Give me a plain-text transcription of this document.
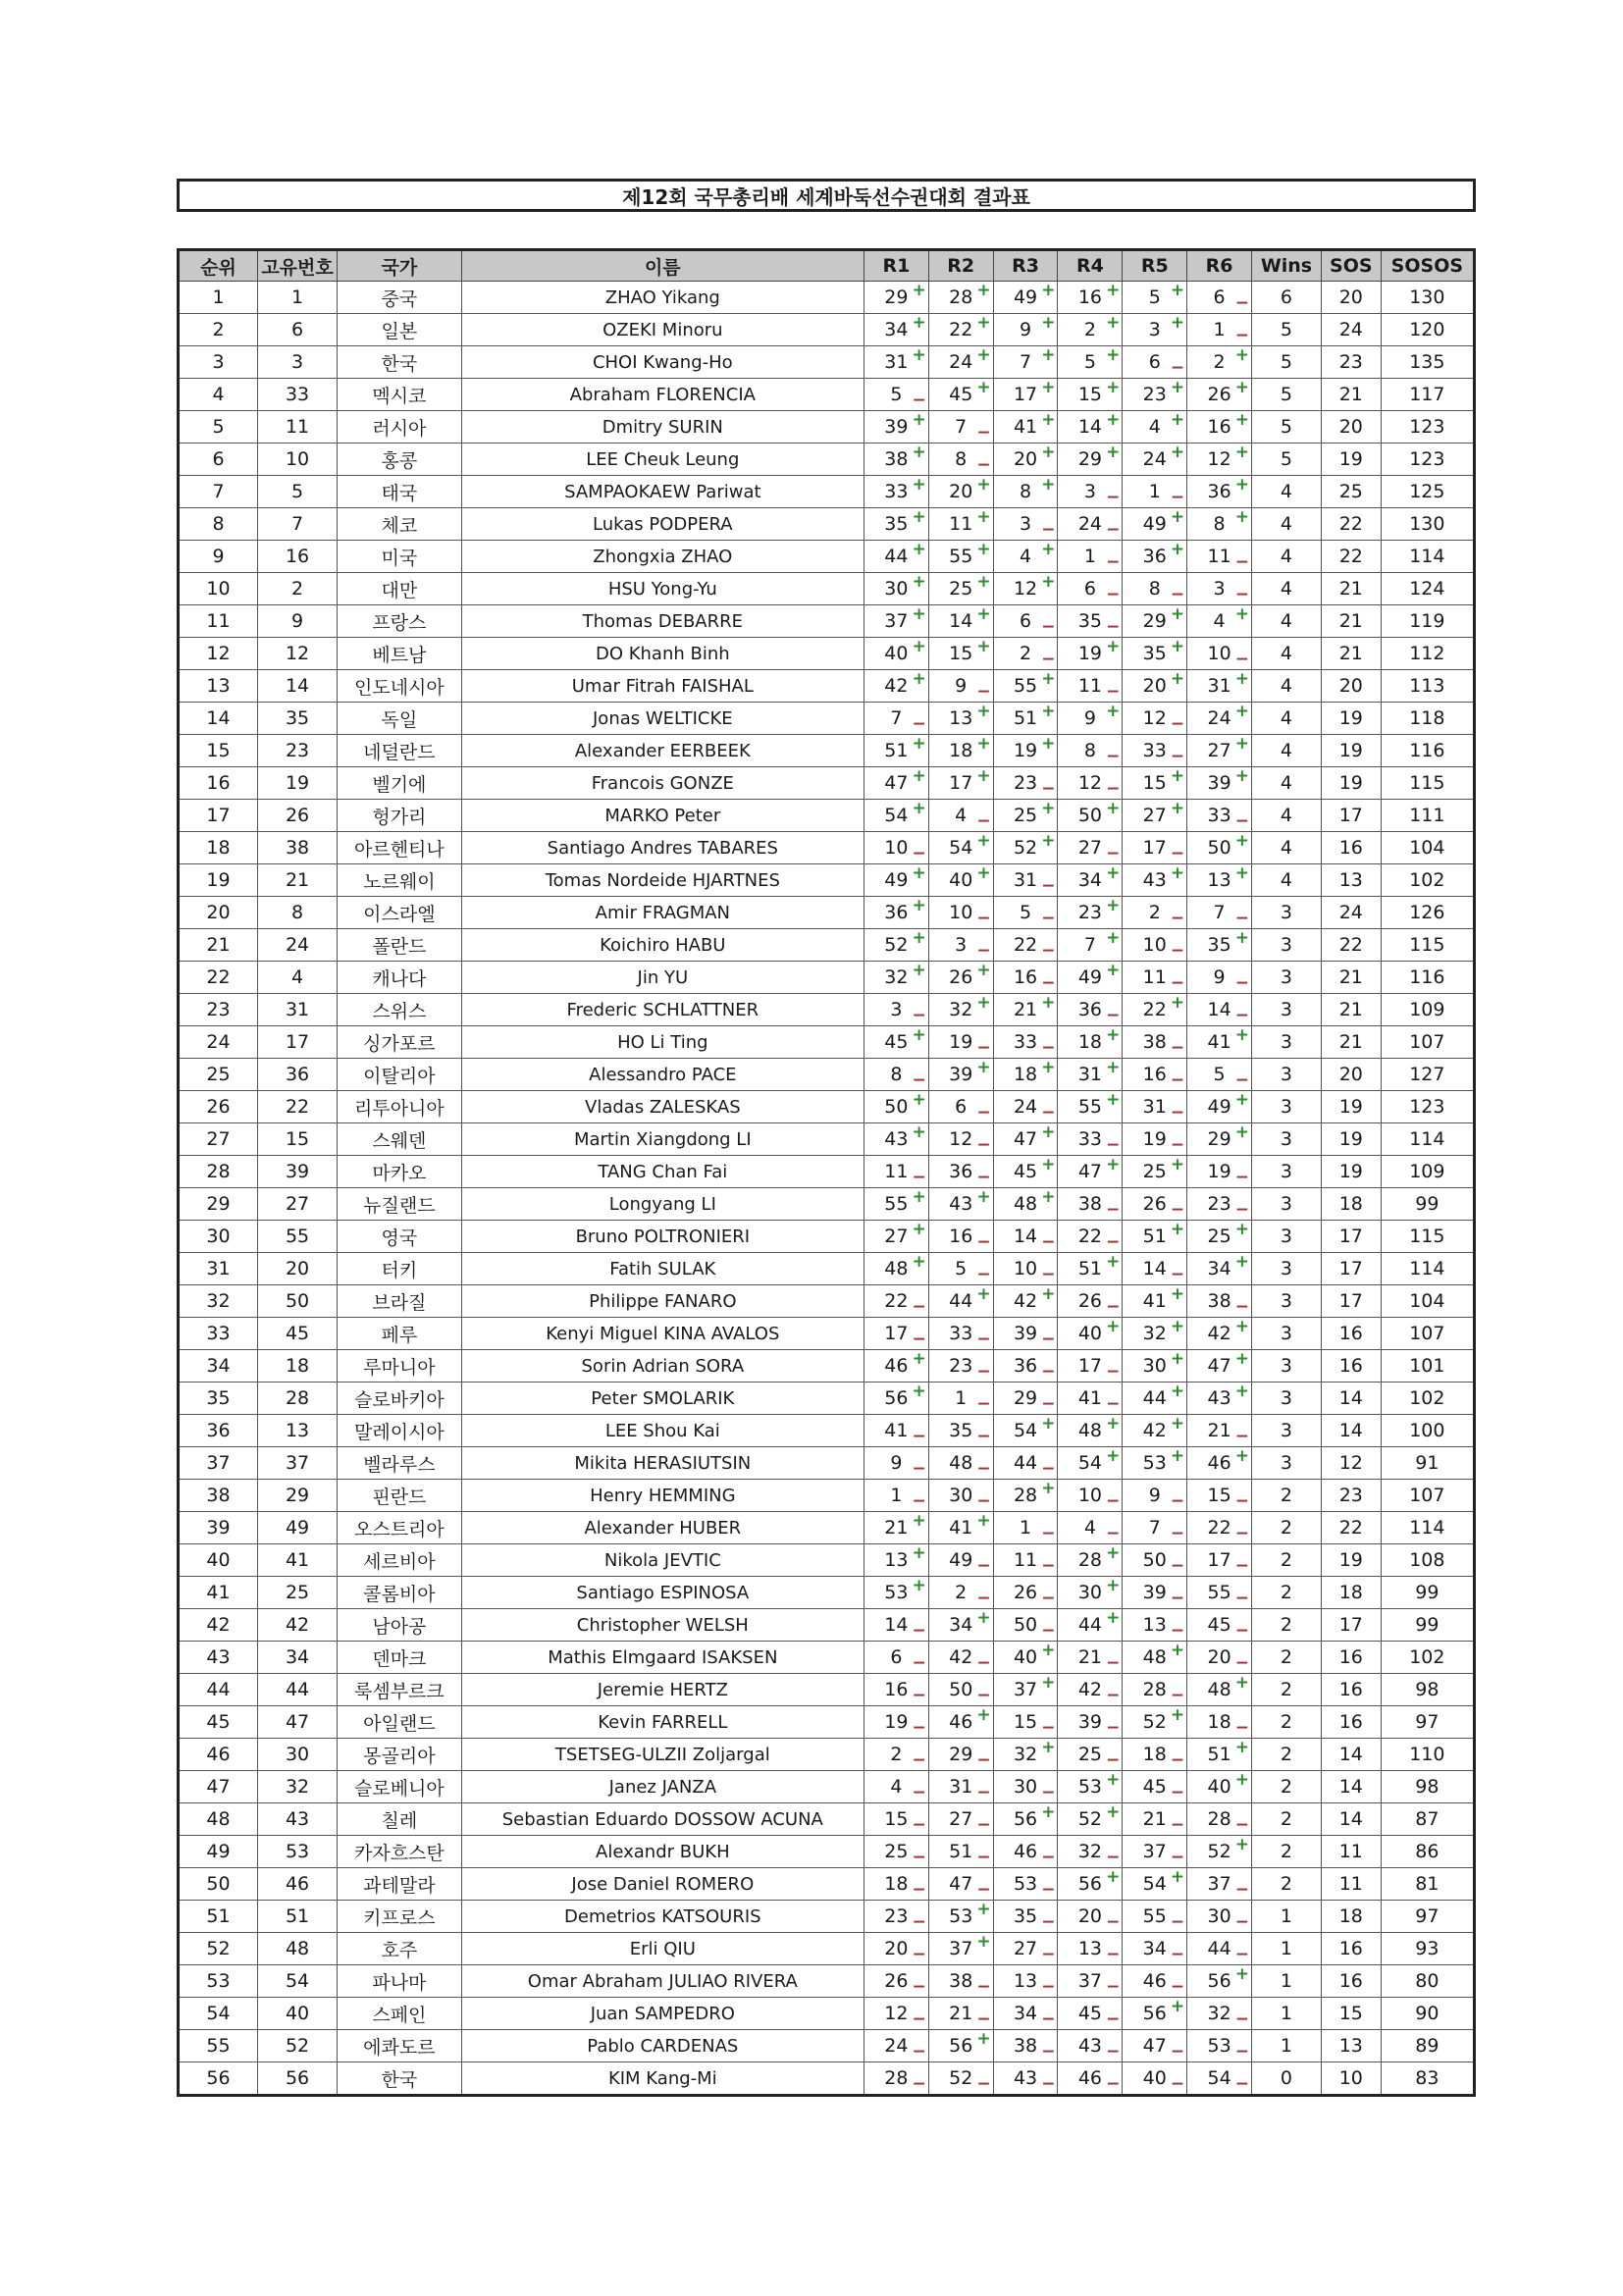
제12회 국무총리배 세계바둑선수권대회 결과표
순위	고유번호	국가	이름	R1	R2	R3	R4	R5	R6	Wins	SOS	SOSOS
1	1	중국	ZHAO Yikang	29 +	28 +	49 +	16 +	5 +	6 −	6	20	130
2	6	일본	OZEKI Minoru	34 +	22 +	9 +	2 +	3 +	1 −	5	24	120
3	3	한국	CHOI Kwang-Ho	31 +	24 +	7 +	5 +	6 −	2 +	5	23	135
4	33	멕시코	Abraham FLORENCIA	5 −	45 +	17 +	15 +	23 +	26 +	5	21	117
5	11	러시아	Dmitry SURIN	39 +	7 −	41 +	14 +	4 +	16 +	5	20	123
6	10	홍콩	LEE Cheuk Leung	38 +	8 −	20 +	29 +	24 +	12 +	5	19	123
7	5	태국	SAMPAOKAEW Pariwat	33 +	20 +	8 +	3 −	1 −	36 +	4	25	125
8	7	체코	Lukas PODPERA	35 +	11 +	3 −	24 −	49 +	8 +	4	22	130
9	16	미국	Zhongxia ZHAO	44 +	55 +	4 +	1 −	36 +	11 −	4	22	114
10	2	대만	HSU Yong-Yu	30 +	25 +	12 +	6 −	8 −	3 −	4	21	124
11	9	프랑스	Thomas DEBARRE	37 +	14 +	6 −	35 −	29 +	4 +	4	21	119
12	12	베트남	DO Khanh Binh	40 +	15 +	2 −	19 +	35 +	10 −	4	21	112
13	14	인도네시아	Umar Fitrah FAISHAL	42 +	9 −	55 +	11 −	20 +	31 +	4	20	113
14	35	독일	Jonas WELTICKE	7 −	13 +	51 +	9 +	12 −	24 +	4	19	118
15	23	네덜란드	Alexander EERBEEK	51 +	18 +	19 +	8 −	33 −	27 +	4	19	116
16	19	벨기에	Francois GONZE	47 +	17 +	23 −	12 −	15 +	39 +	4	19	115
17	26	헝가리	MARKO Peter	54 +	4 −	25 +	50 +	27 +	33 −	4	17	111
18	38	아르헨티나	Santiago Andres TABARES	10 −	54 +	52 +	27 −	17 −	50 +	4	16	104
19	21	노르웨이	Tomas Nordeide HJARTNES	49 +	40 +	31 −	34 +	43 +	13 +	4	13	102
20	8	이스라엘	Amir FRAGMAN	36 +	10 −	5 −	23 +	2 −	7 −	3	24	126
21	24	폴란드	Koichiro HABU	52 +	3 −	22 −	7 +	10 −	35 +	3	22	115
22	4	캐나다	Jin YU	32 +	26 +	16 −	49 +	11 −	9 −	3	21	116
23	31	스위스	Frederic SCHLATTNER	3 −	32 +	21 +	36 −	22 +	14 −	3	21	109
24	17	싱가포르	HO Li Ting	45 +	19 −	33 −	18 +	38 −	41 +	3	21	107
25	36	이탈리아	Alessandro PACE	8 −	39 +	18 +	31 +	16 −	5 −	3	20	127
26	22	리투아니아	Vladas ZALESKAS	50 +	6 −	24 −	55 +	31 −	49 +	3	19	123
27	15	스웨덴	Martin Xiangdong LI	43 +	12 −	47 +	33 −	19 −	29 +	3	19	114
28	39	마카오	TANG Chan Fai	11 −	36 −	45 +	47 +	25 +	19 −	3	19	109
29	27	뉴질랜드	Longyang LI	55 +	43 +	48 +	38 −	26 −	23 −	3	18	99
30	55	영국	Bruno POLTRONIERI	27 +	16 −	14 −	22 −	51 +	25 +	3	17	115
31	20	터키	Fatih SULAK	48 +	5 −	10 −	51 +	14 −	34 +	3	17	114
32	50	브라질	Philippe FANARO	22 −	44 +	42 +	26 −	41 +	38 −	3	17	104
33	45	페루	Kenyi Miguel KINA AVALOS	17 −	33 −	39 −	40 +	32 +	42 +	3	16	107
34	18	루마니아	Sorin Adrian SORA	46 +	23 −	36 −	17 −	30 +	47 +	3	16	101
35	28	슬로바키아	Peter SMOLARIK	56 +	1 −	29 −	41 −	44 +	43 +	3	14	102
36	13	말레이시아	LEE Shou Kai	41 −	35 −	54 +	48 +	42 +	21 −	3	14	100
37	37	벨라루스	Mikita HERASIUTSIN	9 −	48 −	44 −	54 +	53 +	46 +	3	12	91
38	29	핀란드	Henry HEMMING	1 −	30 −	28 +	10 −	9 −	15 −	2	23	107
39	49	오스트리아	Alexander HUBER	21 +	41 +	1 −	4 −	7 −	22 −	2	22	114
40	41	세르비아	Nikola JEVTIC	13 +	49 −	11 −	28 +	50 −	17 −	2	19	108
41	25	콜롬비아	Santiago ESPINOSA	53 +	2 −	26 −	30 +	39 −	55 −	2	18	99
42	42	남아공	Christopher WELSH	14 −	34 +	50 −	44 +	13 −	45 −	2	17	99
43	34	덴마크	Mathis Elmgaard ISAKSEN	6 −	42 −	40 +	21 −	48 +	20 −	2	16	102
44	44	룩셈부르크	Jeremie HERTZ	16 −	50 −	37 +	42 −	28 −	48 +	2	16	98
45	47	아일랜드	Kevin FARRELL	19 −	46 +	15 −	39 −	52 +	18 −	2	16	97
46	30	몽골리아	TSETSEG-ULZII Zoljargal	2 −	29 −	32 +	25 −	18 −	51 +	2	14	110
47	32	슬로베니아	Janez JANZA	4 −	31 −	30 −	53 +	45 −	40 +	2	14	98
48	43	칠레	Sebastian Eduardo DOSSOW ACUNA	15 −	27 −	56 +	52 +	21 −	28 −	2	14	87
49	53	카자흐스탄	Alexandr BUKH	25 −	51 −	46 −	32 −	37 −	52 +	2	11	86
50	46	과테말라	Jose Daniel ROMERO	18 −	47 −	53 −	56 +	54 +	37 −	2	11	81
51	51	키프로스	Demetrios KATSOURIS	23 −	53 +	35 −	20 −	55 −	30 −	1	18	97
52	48	호주	Erli QIU	20 −	37 +	27 −	13 −	34 −	44 −	1	16	93
53	54	파나마	Omar Abraham JULIAO RIVERA	26 −	38 −	13 −	37 −	46 −	56 +	1	16	80
54	40	스페인	Juan SAMPEDRO	12 −	21 −	34 −	45 −	56 +	32 −	1	15	90
55	52	에콰도르	Pablo CARDENAS	24 −	56 +	38 −	43 −	47 −	53 −	1	13	89
56	56	한국	KIM Kang-Mi	28 −	52 −	43 −	46 −	40 −	54 −	0	10	83
